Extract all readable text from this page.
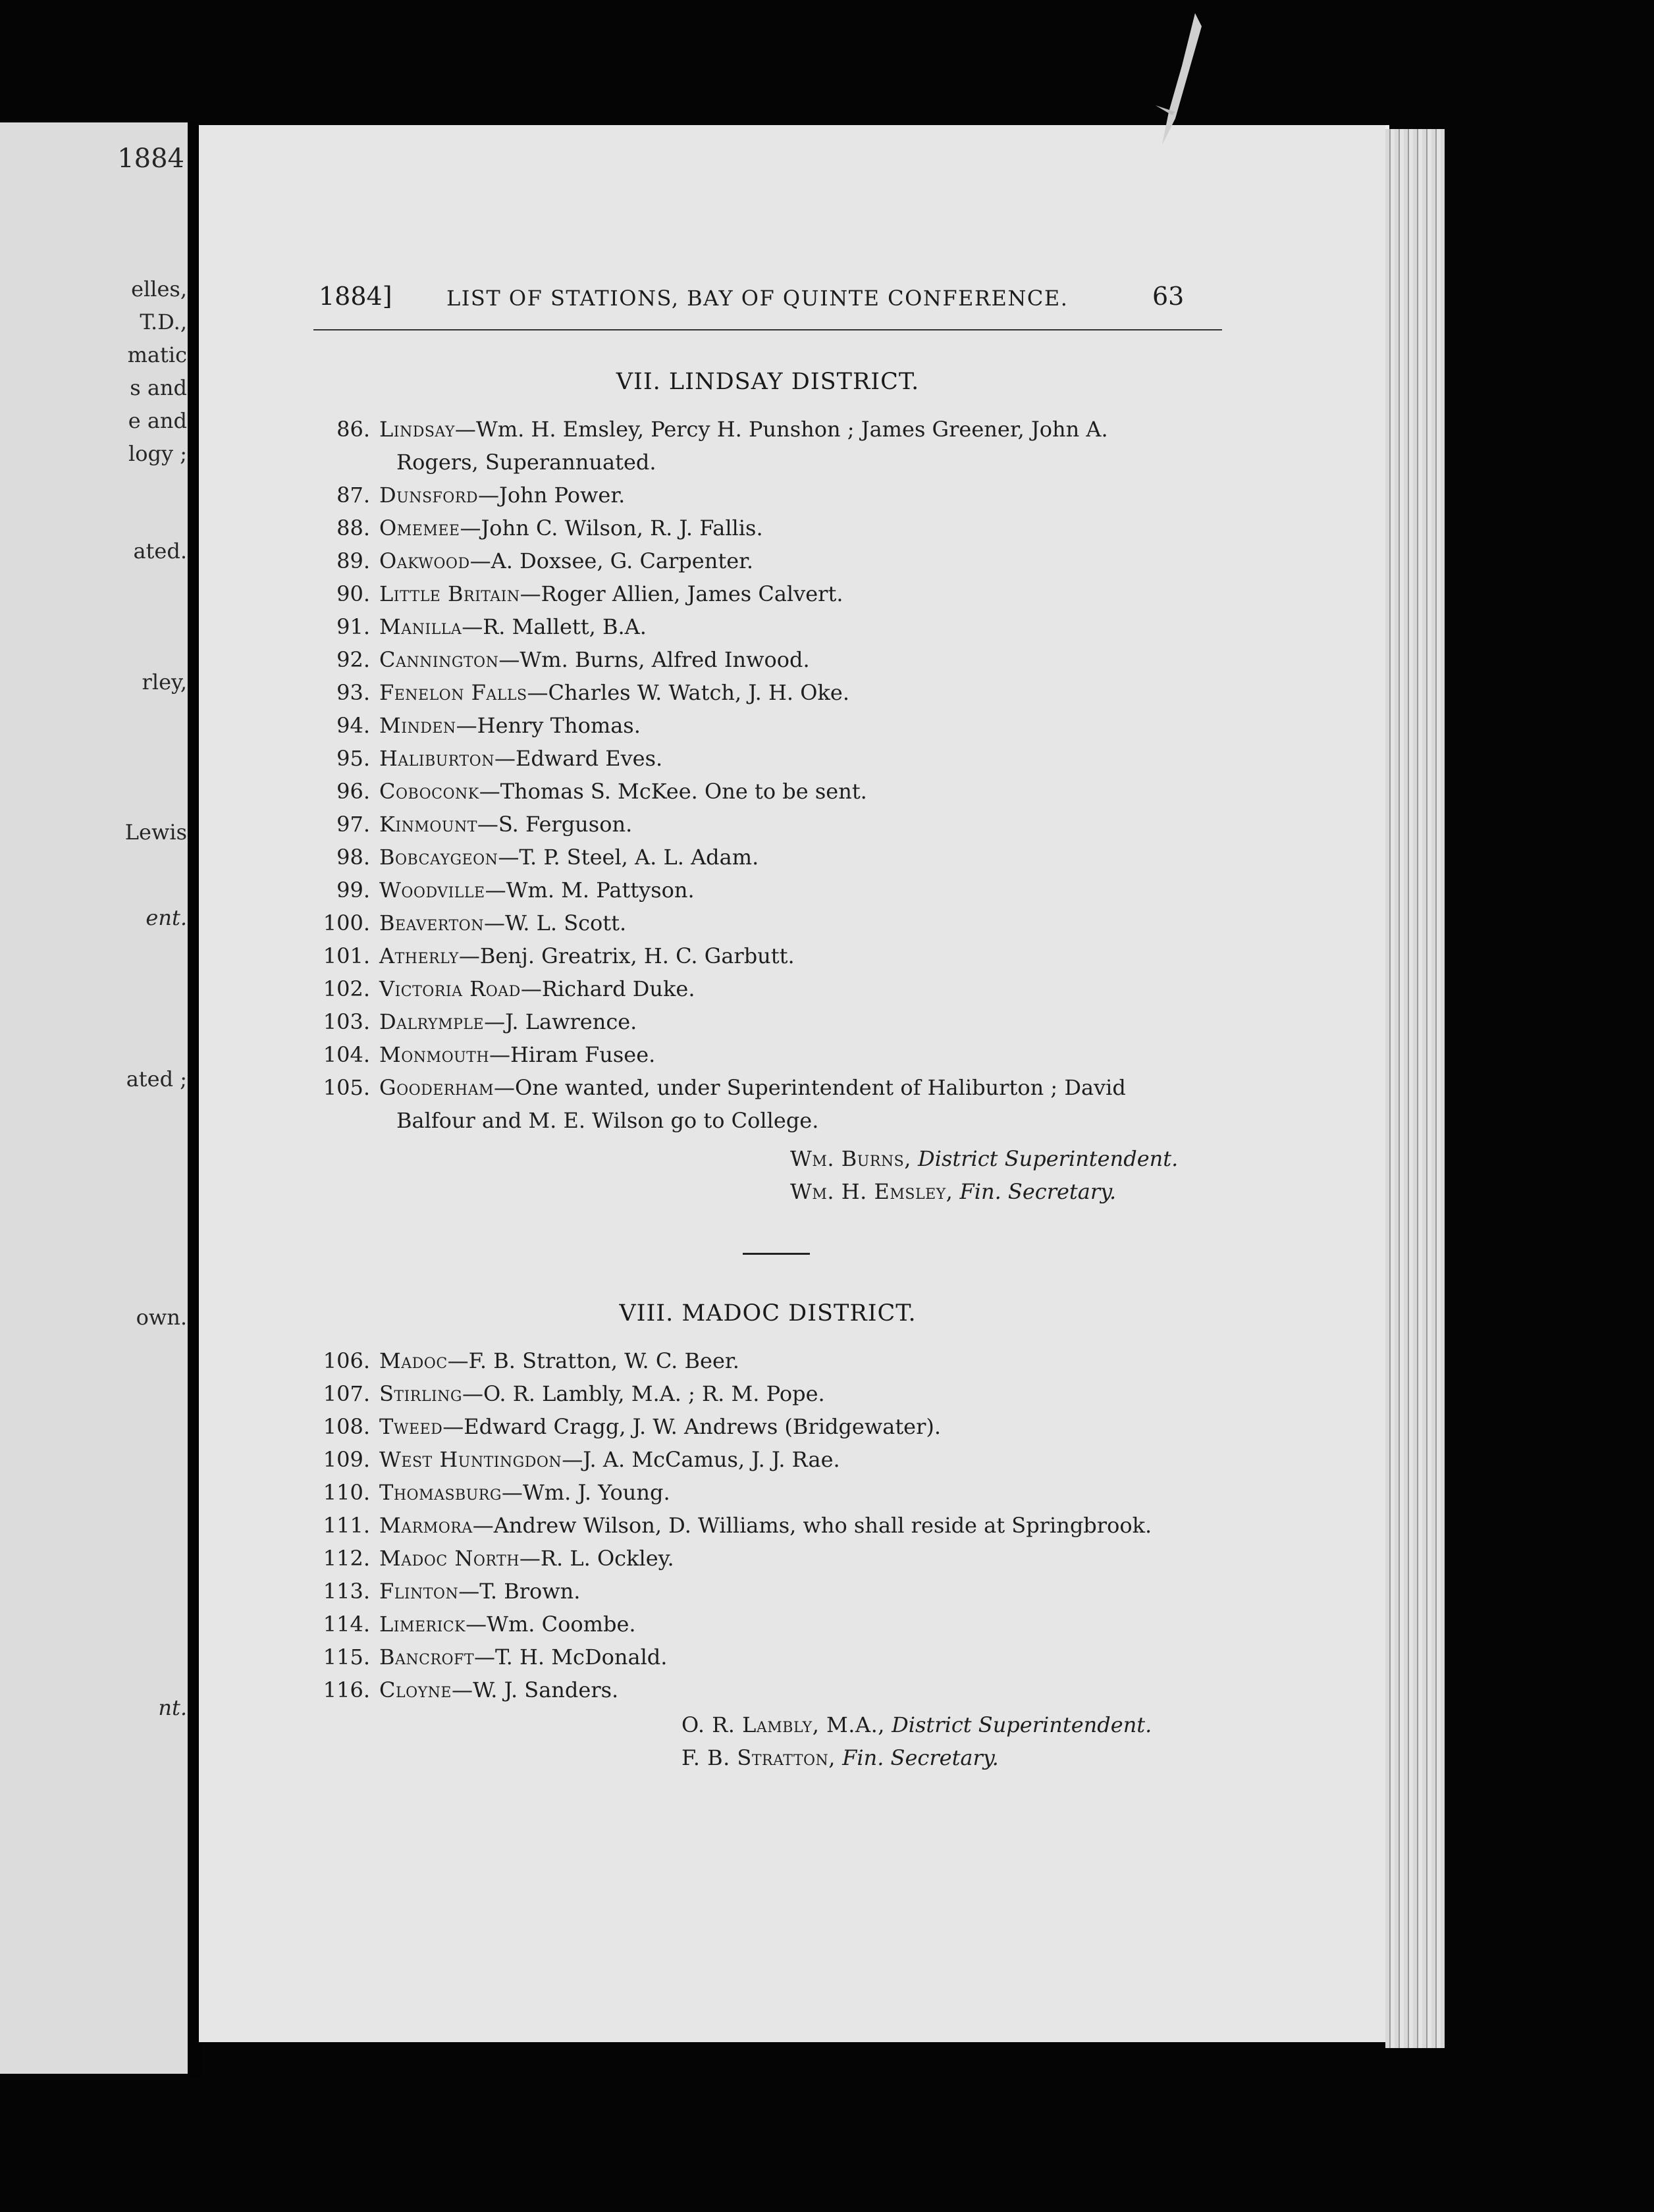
1884
elles,
T.D.,
matic
s and
e and
logy ;
ated.
rley,
Lewis
ent.
ated ;
own.
nt.
1884]	LIST OF STATIONS, BAY OF QUINTE CONFERENCE.	63
VII. LINDSAY DISTRICT.
86. Lindsay—Wm. H. Emsley, Percy H. Punshon ; James Greener, John A.
Rogers, Superannuated.
87. Dunsford—John Power.
88. Omemee—John C. Wilson, R. J. Fallis.
89. Oakwood—A. Doxsee, G. Carpenter.
90. Little Britain—Roger Allien, James Calvert.
91. Manilla—R. Mallett, B.A.
92. Cannington—Wm. Burns, Alfred Inwood.
93. Fenelon Falls—Charles W. Watch, J. H. Oke.
94. Minden—Henry Thomas.
95. Haliburton—Edward Eves.
96. Coboconk—Thomas S. McKee. One to be sent.
97. Kinmount—S. Ferguson.
98. Bobcaygeon—T. P. Steel, A. L. Adam.
99. Woodville—Wm. M. Pattyson.
100. Beaverton—W. L. Scott.
101. Atherly—Benj. Greatrix, H. C. Garbutt.
102. Victoria Road—Richard Duke.
103. Dalrymple—J. Lawrence.
104. Monmouth—Hiram Fusee.
105. Gooderham—One wanted, under Superintendent of Haliburton ; David
Balfour and M. E. Wilson go to College.
Wm. Burns, District Superintendent.
Wm. H. Emsley, Fin. Secretary.
VIII. MADOC DISTRICT.
106. Madoc—F. B. Stratton, W. C. Beer.
107. Stirling—O. R. Lambly, M.A. ; R. M. Pope.
108. Tweed—Edward Cragg, J. W. Andrews (Bridgewater).
109. West Huntingdon—J. A. McCamus, J. J. Rae.
110. Thomasburg—Wm. J. Young.
111. Marmora—Andrew Wilson, D. Williams, who shall reside at Springbrook.
112. Madoc North—R. L. Ockley.
113. Flinton—T. Brown.
114. Limerick—Wm. Coombe.
115. Bancroft—T. H. McDonald.
116. Cloyne—W. J. Sanders.
O. R. Lambly, M.A., District Superintendent.
F. B. Stratton, Fin. Secretary.
